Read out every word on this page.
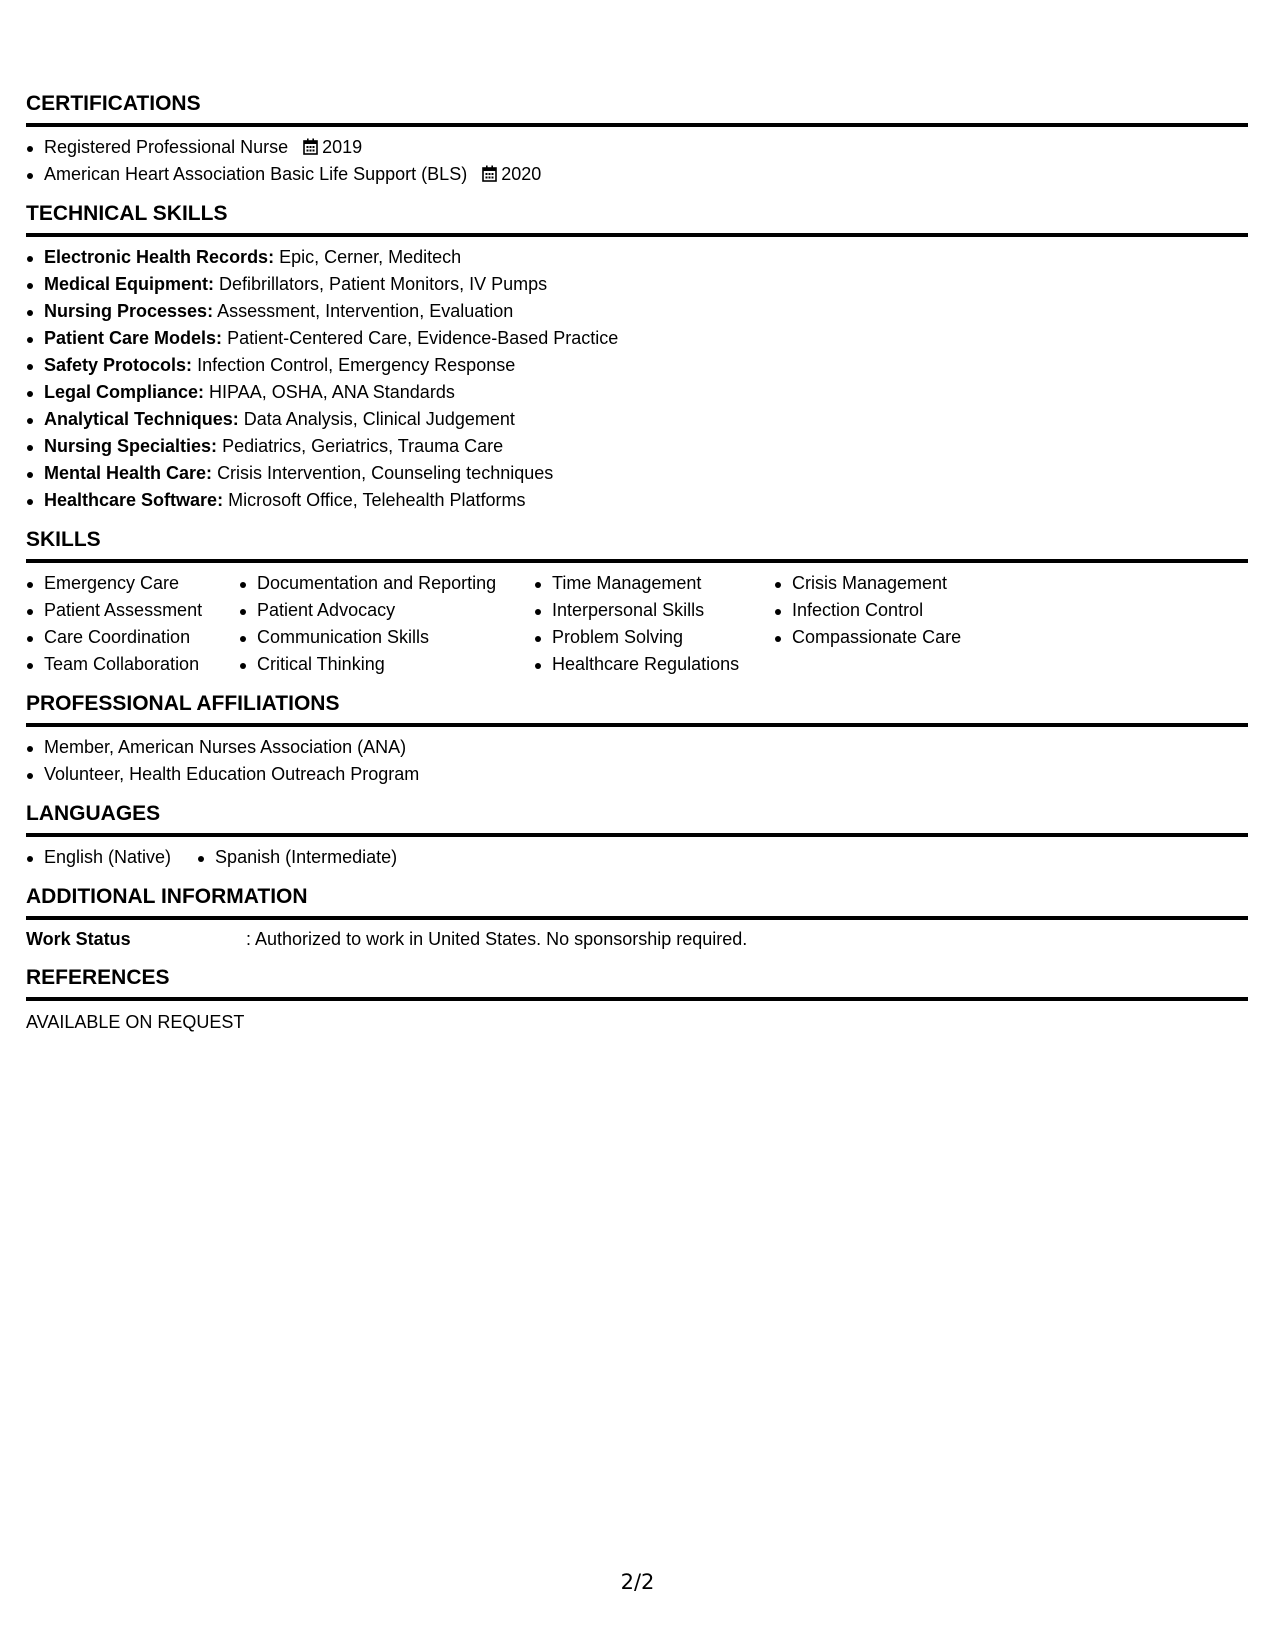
CERTIFICATIONS
Registered Professional Nurse 2019
American Heart Association Basic Life Support (BLS) 2020
TECHNICAL SKILLS
Electronic Health Records: Epic, Cerner, Meditech
Medical Equipment: Defibrillators, Patient Monitors, IV Pumps
Nursing Processes: Assessment, Intervention, Evaluation
Patient Care Models: Patient-Centered Care, Evidence-Based Practice
Safety Protocols: Infection Control, Emergency Response
Legal Compliance: HIPAA, OSHA, ANA Standards
Analytical Techniques: Data Analysis, Clinical Judgement
Nursing Specialties: Pediatrics, Geriatrics, Trauma Care
Mental Health Care: Crisis Intervention, Counseling techniques
Healthcare Software: Microsoft Office, Telehealth Platforms
SKILLS
Emergency Care
Patient Assessment
Care Coordination
Team Collaboration
Documentation and Reporting
Patient Advocacy
Communication Skills
Critical Thinking
Time Management
Interpersonal Skills
Problem Solving
Healthcare Regulations
Crisis Management
Infection Control
Compassionate Care
PROFESSIONAL AFFILIATIONS
Member, American Nurses Association (ANA)
Volunteer, Health Education Outreach Program
LANGUAGES
English (Native)	Spanish (Intermediate)
ADDITIONAL INFORMATION
Work Status	: Authorized to work in United States. No sponsorship required.
REFERENCES
AVAILABLE ON REQUEST
2/2
